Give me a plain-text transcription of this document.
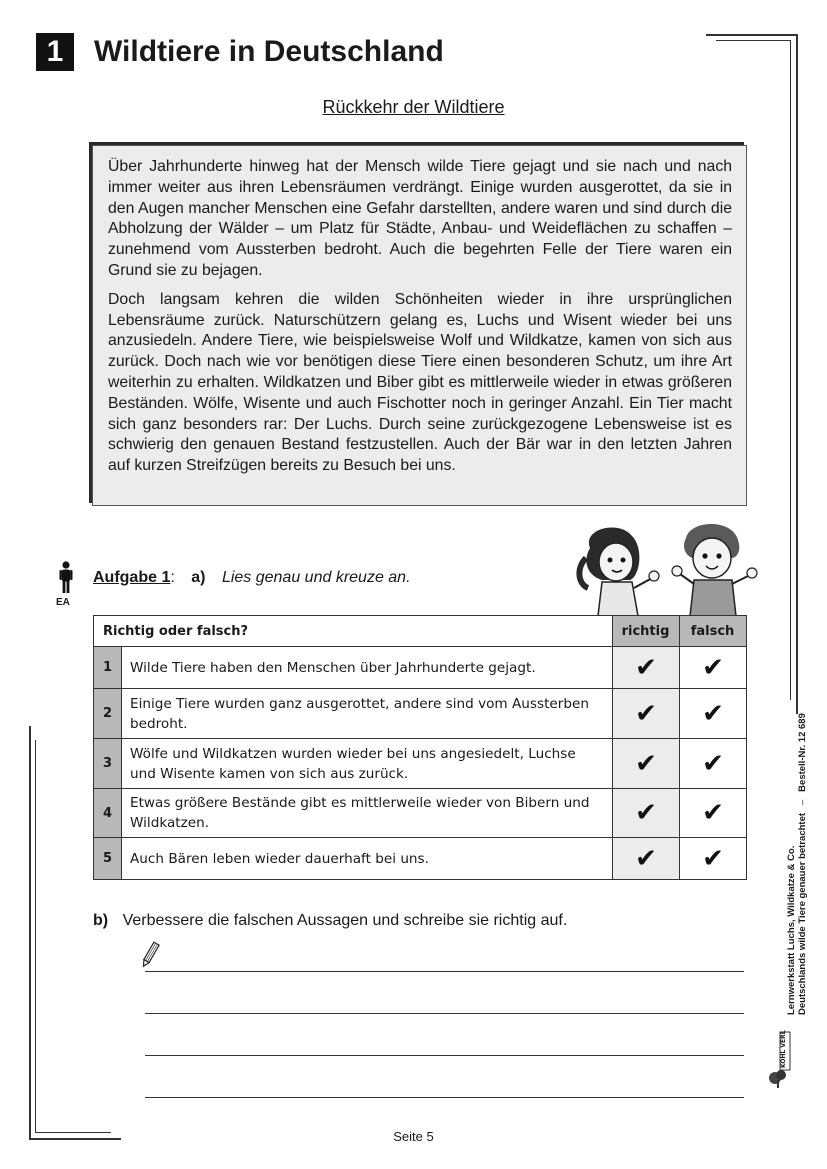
1	Wildtiere in Deutschland
Rückkehr der Wildtiere

Über Jahrhunderte hinweg hat der Mensch wilde Tiere gejagt und sie nach und nach immer weiter aus ihren Lebensräumen verdrängt. Einige wurden ausgerottet, da sie in den Augen mancher Menschen eine Gefahr darstellten, andere waren und sind durch die Abholzung der Wälder – um Platz für Städte, Anbau- und Weideflächen zu schaffen – zunehmend vom Aussterben bedroht. Auch die begehrten Felle der Tiere waren ein Grund sie zu bejagen.

Doch langsam kehren die wilden Schönheiten wieder in ihre ursprünglichen Lebensräume zurück. Naturschützern gelang es, Luchs und Wisent wieder bei uns anzusiedeln. Andere Tiere, wie beispielsweise Wolf und Wildkatze, kamen von sich aus zurück. Doch nach wie vor benötigen diese Tiere einen besonderen Schutz, um ihre Art weiterhin zu erhalten. Wildkatzen und Biber gibt es mittlerweile wieder in etwas größeren Beständen. Wölfe, Wisente und auch Fischotter noch in geringer Anzahl. Ein Tier macht sich ganz besonders rar: Der Luchs. Durch seine zurückgezogene Lebensweise ist es schwierig den genauen Bestand festzustellen. Auch der Bär war in den letzten Jahren auf kurzen Streifzügen bereits zu Besuch bei uns.

EA
Aufgabe 1: a) Lies genau und kreuze an.
Richtig oder falsch?		richtig	falsch
1	Wilde Tiere haben den Menschen über Jahrhunderte gejagt.	✔	✔
2	Einige Tiere wurden ganz ausgerottet, andere sind vom Aussterben bedroht.	✔	✔
3	Wölfe und Wildkatzen wurden wieder bei uns angesiedelt, Luchse und Wisente kamen von sich aus zurück.	✔	✔
4	Etwas größere Bestände gibt es mittlerweile wieder von Bibern und Wildkatzen.	✔	✔
5	Auch Bären leben wieder dauerhaft bei uns.	✔	✔
b) Verbessere die falschen Aussagen und schreibe sie richtig auf.	Lernwerkstatt Luchs, Wildkatze & Co. Deutschlands wilde Tiere genauer betrachtet   –   Bestell-Nr. 12 689
KOHL VERLAG
Seite 5
